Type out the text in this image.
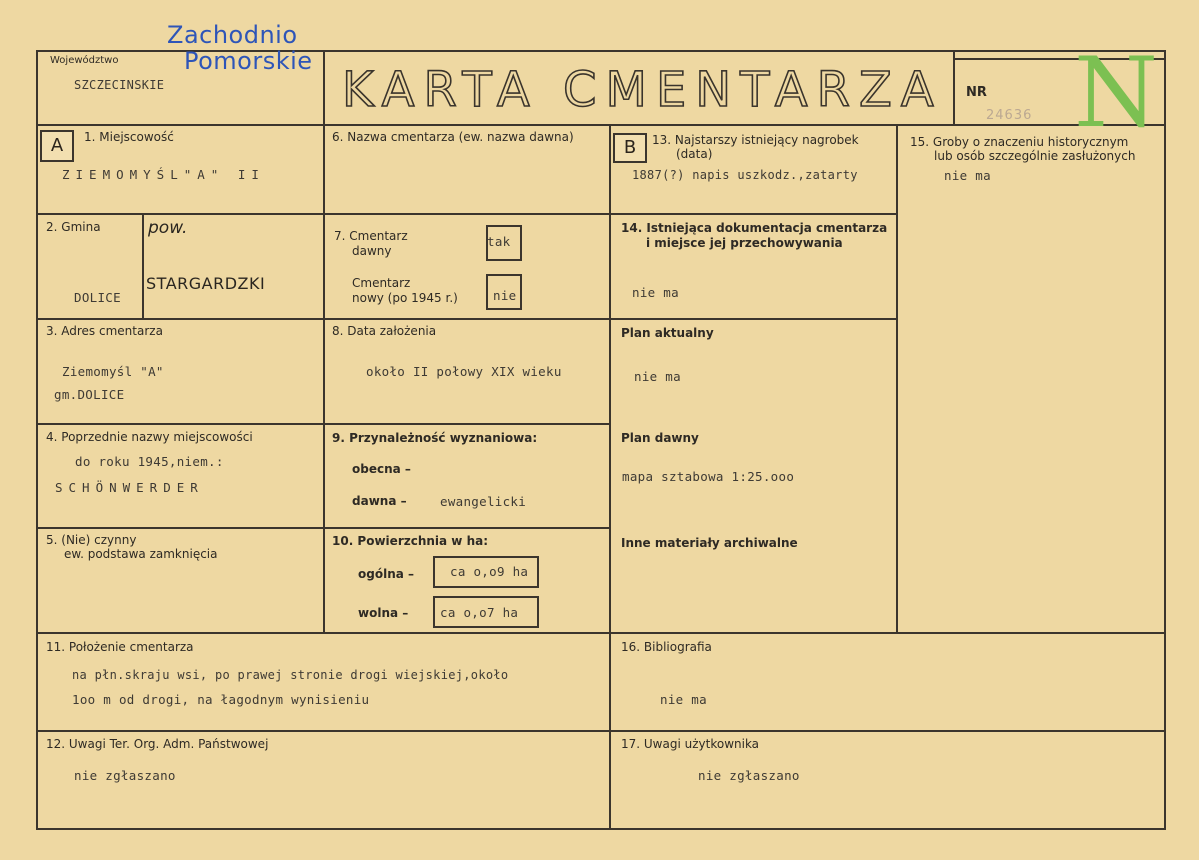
Zachodnio
Pomorskie
Województwo
SZCZECINSKIE	KARTA CMENTARZA NR N
24636
A	B
1. Miejscowość
ZIEMOMYŚL"A" II
2. Gmina
DOLICE
pow.
STARGARDZKI
3. Adres cmentarza
Ziemomyśl "A"
gm.DOLICE
4. Poprzednie nazwy miejscowości
do roku 1945,niem.:
SCHÖNWERDER
5. (Nie) czynny
ew. podstawa zamknięcia
6. Nazwa cmentarza (ew. nazwa dawna)
7. Cmentarz
dawny
tak
Cmentarz
nowy (po 1945 r.)	nie
8. Data założenia
około II połowy XIX wieku
9. Przynależność wyznaniowa:
obecna –
dawna –	ewangelicki
10. Powierzchnia w ha:
ogólna –	ca o,o9 ha
wolna –	ca o,o7 ha
11. Położenie cmentarza
na płn.skraju wsi, po prawej stronie drogi wiejskiej,około
1oo m od drogi, na łagodnym wynisieniu
12. Uwagi Ter. Org. Adm. Państwowej
nie zgłaszano
13. Najstarszy istniejący nagrobek
(data)
1887(?) napis uszkodz.,zatarty
14. Istniejąca dokumentacja cmentarza
i miejsce jej przechowywania
nie ma
Plan aktualny
nie ma
Plan dawny
mapa sztabowa 1:25.ooo
Inne materiały archiwalne
15. Groby o znaczeniu historycznym
lub osób szczególnie zasłużonych
nie ma
16. Bibliografia
nie ma
17. Uwagi użytkownika
nie zgłaszano
